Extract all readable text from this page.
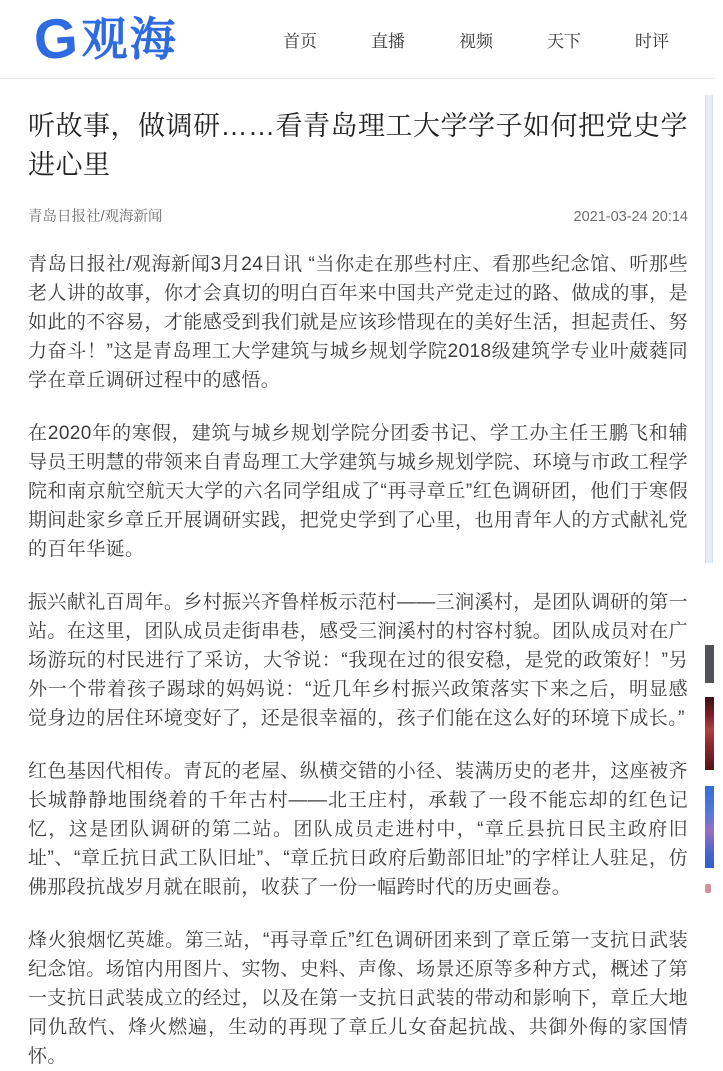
G 观海	首页	直播	视频	天下	时评
听故事，做调研……看青岛理工大学学子如何把党史学进心里
青岛日报社/观海新闻	2021-03-24 20:14

青岛日报社/观海新闻3月24日讯 “当你走在那些村庄、看那些纪念馆、听那些老人讲的故事，你才会真切的明白百年来中国共产党走过的路、做成的事，是如此的不容易，才能感受到我们就是应该珍惜现在的美好生活，担起责任、努力奋斗！”这是青岛理工大学建筑与城乡规划学院2018级建筑学专业叶葳蕤同学在章丘调研过程中的感悟。

在2020年的寒假，建筑与城乡规划学院分团委书记、学工办主任王鹏飞和辅导员王明慧的带领来自青岛理工大学建筑与城乡规划学院、环境与市政工程学院和南京航空航天大学的六名同学组成了“再寻章丘”红色调研团，他们于寒假期间赴家乡章丘开展调研实践，把党史学到了心里，也用青年人的方式献礼党的百年华诞。

振兴献礼百周年。乡村振兴齐鲁样板示范村——三涧溪村，是团队调研的第一站。在这里，团队成员走街串巷，感受三涧溪村的村容村貌。团队成员对在广场游玩的村民进行了采访，大爷说：“我现在过的很安稳，是党的政策好！”另外一个带着孩子踢球的妈妈说：“近几年乡村振兴政策落实下来之后，明显感觉身边的居住环境变好了，还是很幸福的，孩子们能在这么好的环境下成长。”

红色基因代相传。青瓦的老屋、纵横交错的小径、装满历史的老井，这座被齐长城静静地围绕着的千年古村——北王庄村，承载了一段不能忘却的红色记忆，这是团队调研的第二站。团队成员走进村中，“章丘县抗日民主政府旧址”、“章丘抗日武工队旧址”、“章丘抗日政府后勤部旧址”的字样让人驻足，仿佛那段抗战岁月就在眼前，收获了一份一幅跨时代的历史画卷。

烽火狼烟忆英雄。第三站，“再寻章丘”红色调研团来到了章丘第一支抗日武装纪念馆。场馆内用图片、实物、史料、声像、场景还原等多种方式，概述了第一支抗日武装成立的经过，以及在第一支抗日武装的带动和影响下，章丘大地同仇敌忾、烽火燃遍，生动的再现了章丘儿女奋起抗战、共御外侮的家国情怀。
